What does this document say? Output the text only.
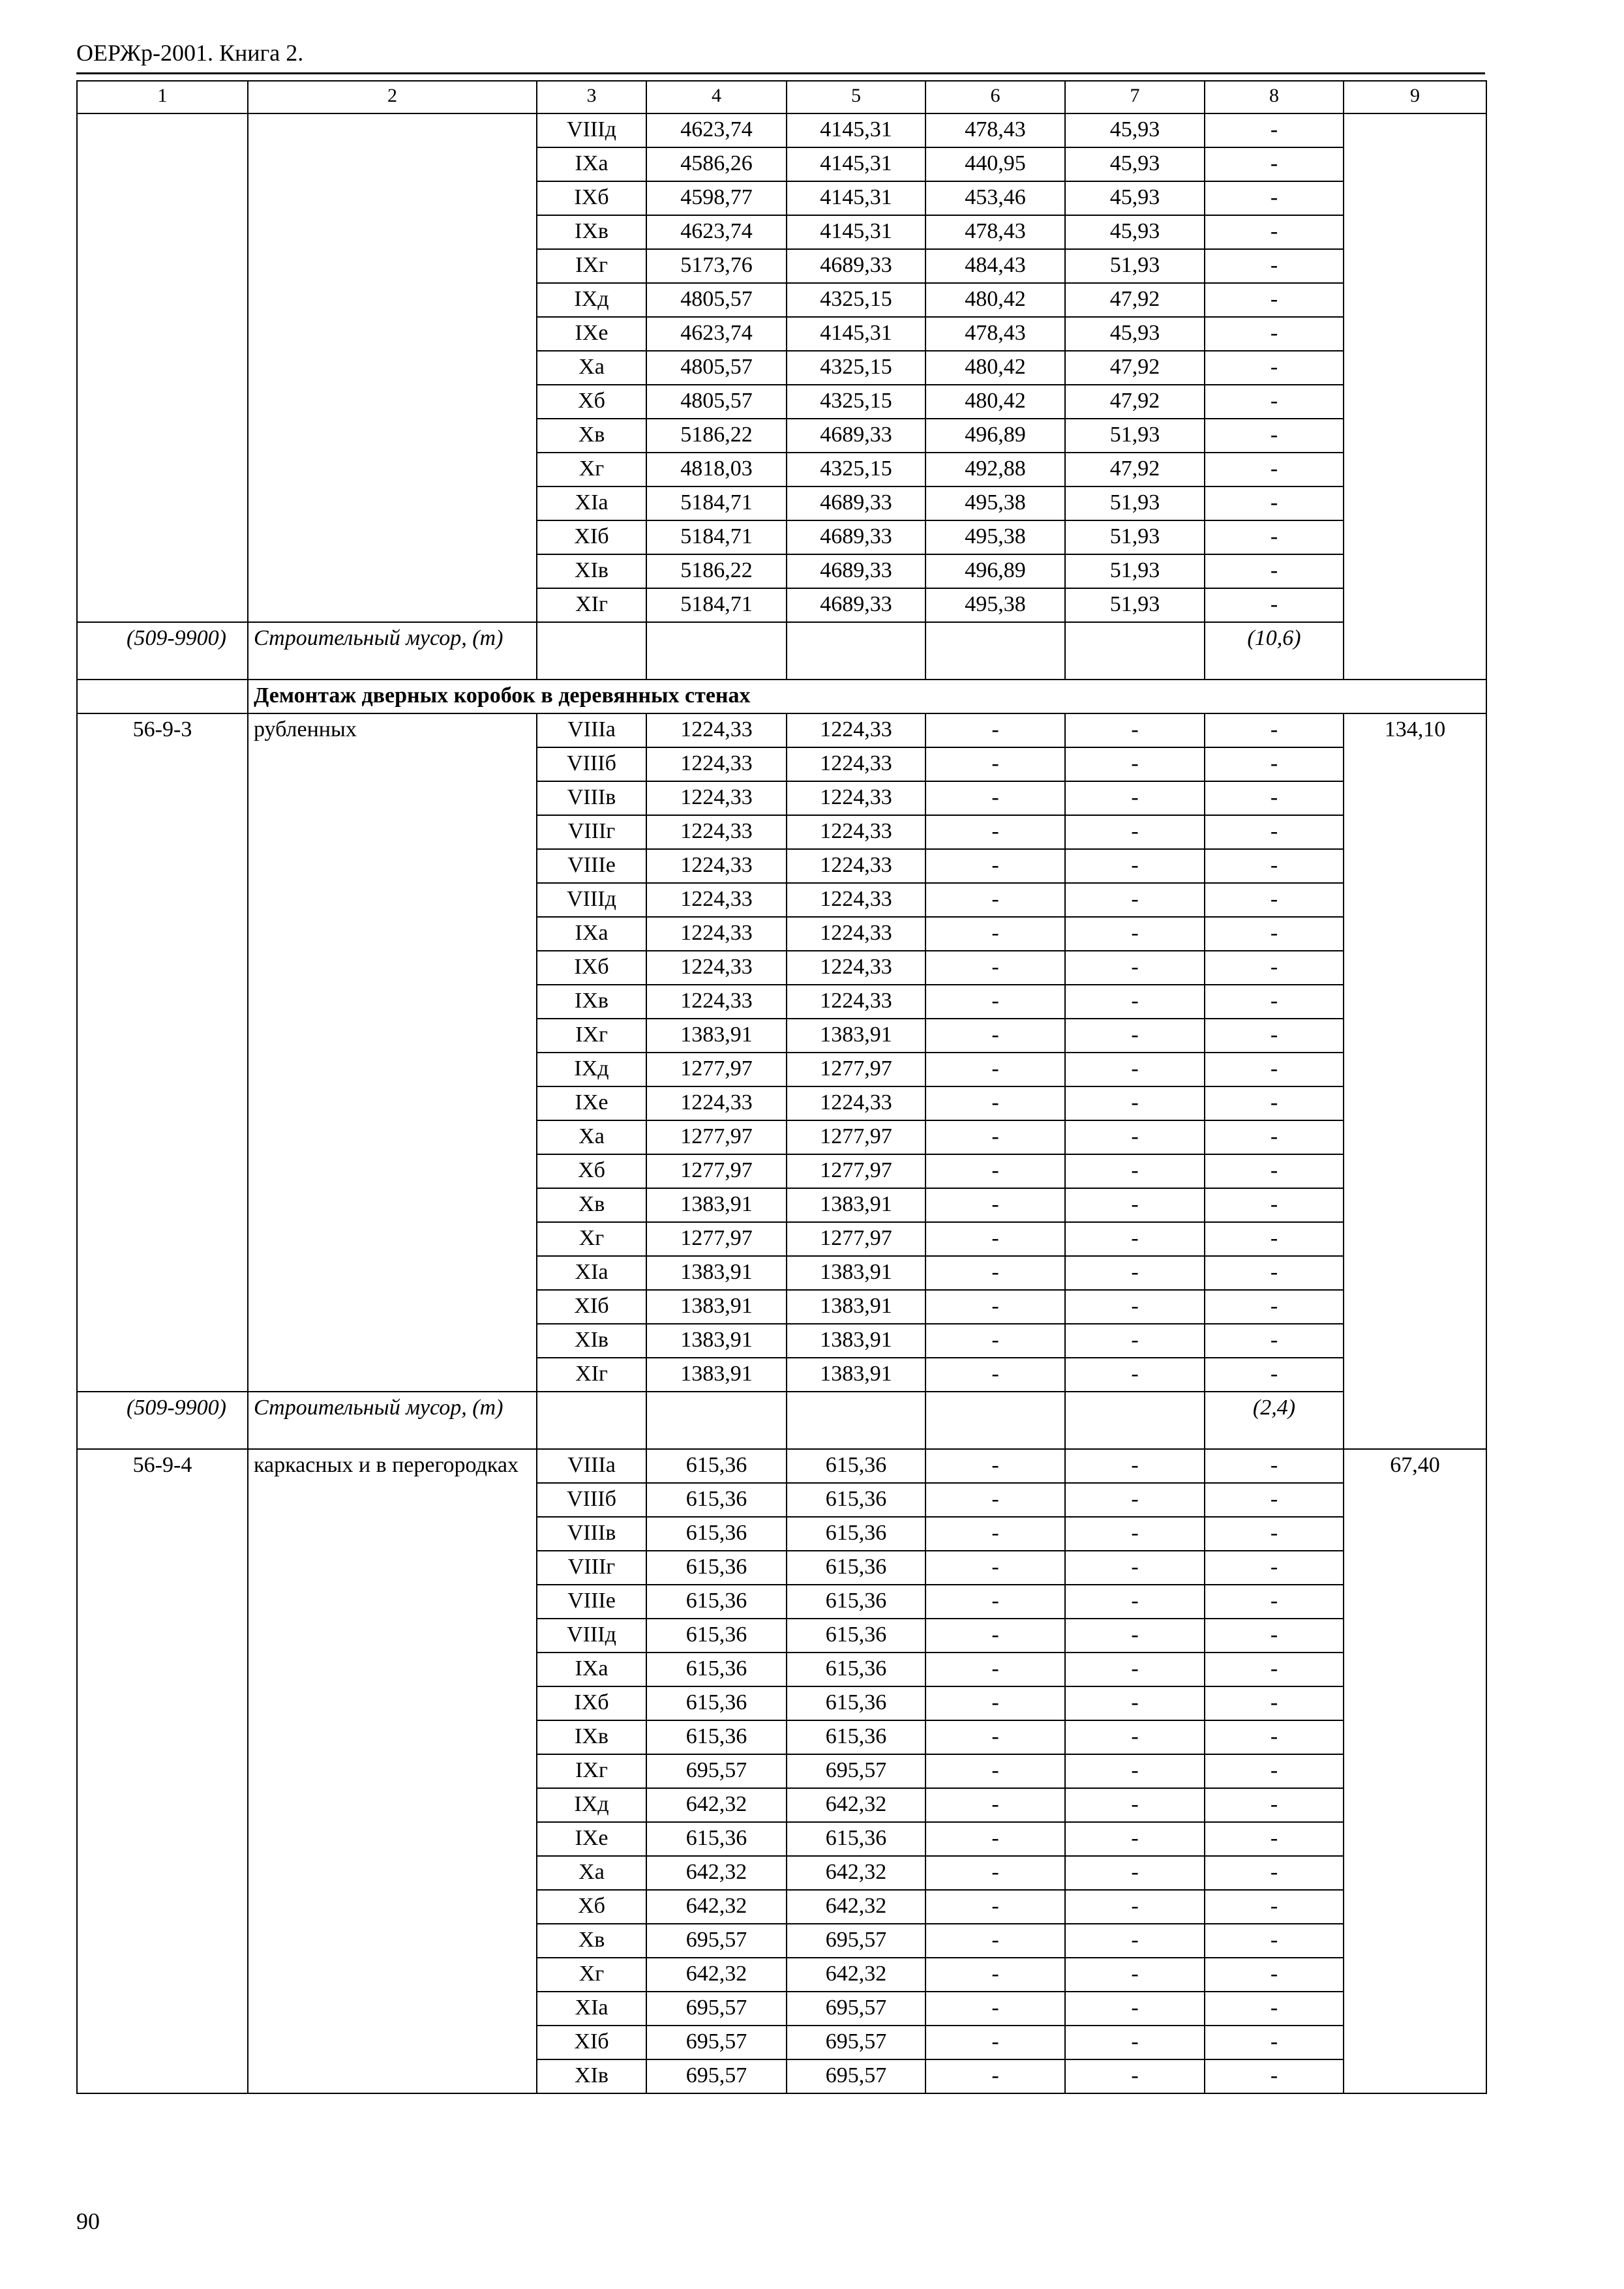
ОЕРЖр-2001. Книга 2.
1	2	3	4	5	6	7	8	9
		VIIIд	4623,74	4145,31	478,43	45,93	-	
		IXа	4586,26	4145,31	440,95	45,93	-	
		IXб	4598,77	4145,31	453,46	45,93	-	
		IXв	4623,74	4145,31	478,43	45,93	-	
		IXг	5173,76	4689,33	484,43	51,93	-	
		IXд	4805,57	4325,15	480,42	47,92	-	
		IXе	4623,74	4145,31	478,43	45,93	-	
		Xа	4805,57	4325,15	480,42	47,92	-	
		Xб	4805,57	4325,15	480,42	47,92	-	
		Xв	5186,22	4689,33	496,89	51,93	-	
		Xг	4818,03	4325,15	492,88	47,92	-	
		XIа	5184,71	4689,33	495,38	51,93	-	
		XIб	5184,71	4689,33	495,38	51,93	-	
		XIв	5186,22	4689,33	496,89	51,93	-	
		XIг	5184,71	4689,33	495,38	51,93	-	

(509-9900)	Строительный мусор, (т)						(10,6)	

	Демонтаж дверных коробок в деревянных стенах							
56-9-3	рубленных	VIIIа	1224,33	1224,33	-	-	-	134,10
		VIIIб	1224,33	1224,33	-	-	-	
		VIIIв	1224,33	1224,33	-	-	-	
		VIIIг	1224,33	1224,33	-	-	-	
		VIIIе	1224,33	1224,33	-	-	-	
		VIIIд	1224,33	1224,33	-	-	-	
		IXа	1224,33	1224,33	-	-	-	
		IXб	1224,33	1224,33	-	-	-	
		IXв	1224,33	1224,33	-	-	-	
		IXг	1383,91	1383,91	-	-	-	
		IXд	1277,97	1277,97	-	-	-	
		IXе	1224,33	1224,33	-	-	-	
		Xа	1277,97	1277,97	-	-	-	
		Xб	1277,97	1277,97	-	-	-	
		Xв	1383,91	1383,91	-	-	-	
		Xг	1277,97	1277,97	-	-	-	
		XIа	1383,91	1383,91	-	-	-	
		XIб	1383,91	1383,91	-	-	-	
		XIв	1383,91	1383,91	-	-	-	
		XIг	1383,91	1383,91	-	-	-	

(509-9900)	Строительный мусор, (т)						(2,4)	

56-9-4	каркасных и в перегородках	VIIIа	615,36	615,36	-	-	-	67,40
		VIIIб	615,36	615,36	-	-	-	
		VIIIв	615,36	615,36	-	-	-	
		VIIIг	615,36	615,36	-	-	-	
		VIIIе	615,36	615,36	-	-	-	
		VIIIд	615,36	615,36	-	-	-	
		IXа	615,36	615,36	-	-	-	
		IXб	615,36	615,36	-	-	-	
		IXв	615,36	615,36	-	-	-	
		IXг	695,57	695,57	-	-	-	
		IXд	642,32	642,32	-	-	-	
		IXе	615,36	615,36	-	-	-	
		Xа	642,32	642,32	-	-	-	
		Xб	642,32	642,32	-	-	-	
		Xв	695,57	695,57	-	-	-	
		Xг	642,32	642,32	-	-	-	
		XIа	695,57	695,57	-	-	-	
		XIб	695,57	695,57	-	-	-	
		XIв	695,57	695,57	-	-	-	
90
